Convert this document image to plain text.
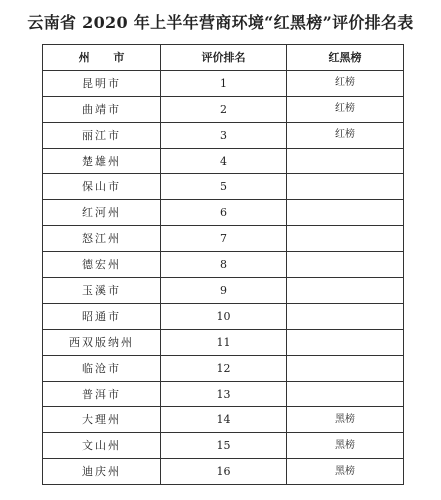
云南省 2020 年上半年营商环境“红黑榜”评价排名表
州 市	评价排名	红黑榜
昆明市	1	红榜
曲靖市	2	红榜
丽江市	3	红榜
楚雄州	4	
保山市	5	
红河州	6	
怒江州	7	
德宏州	8	
玉溪市	9	
昭通市	10	
西双版纳州	11	
临沧市	12	
普洱市	13	
大理州	14	黑榜
文山州	15	黑榜
迪庆州	16	黑榜
